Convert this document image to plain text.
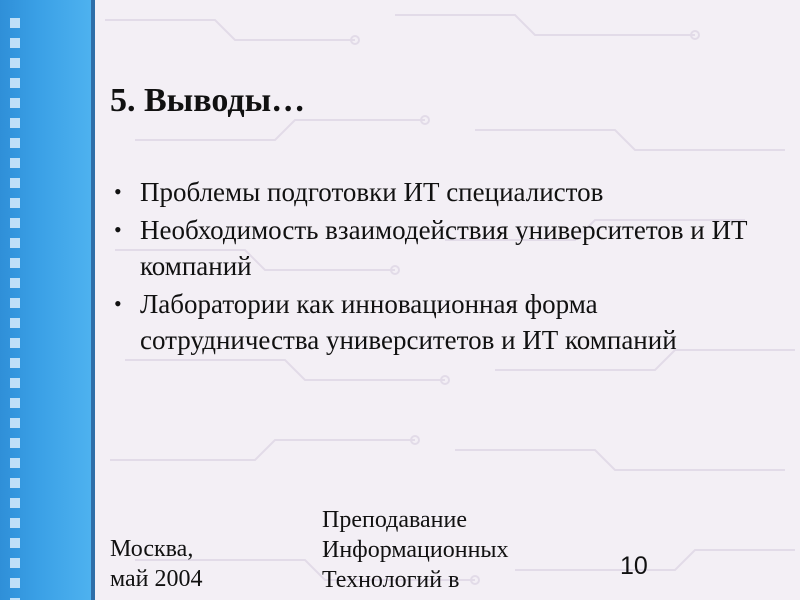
5. Выводы…
• Проблемы подготовки ИТ специалистов
• Необходимость взаимодействия университетов и ИТ компаний
• Лаборатории как инновационная форма сотрудничества университетов и ИТ компаний
Москва,
май 2004
Преподавание
Информационных
Технологий в	10
